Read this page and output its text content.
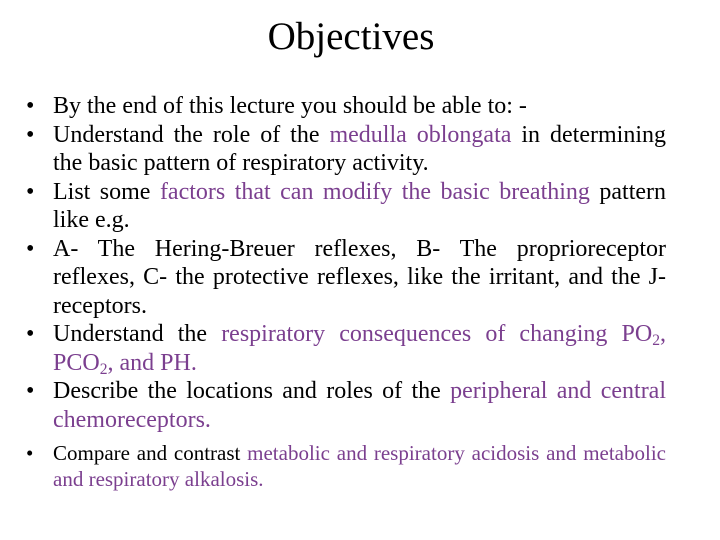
Objectives
• By the end of this lecture you should be able to: -
• Understand the role of the medulla oblongata in determining the basic pattern of respiratory activity.
• List some factors that can modify the basic breathing pattern like e.g.
• A- The Hering-Breuer reflexes, B- The proprioreceptor reflexes, C- the protective reflexes, like the irritant, and the J-receptors.
• Understand the respiratory consequences of changing $PO_2$, $PCO_2$, and PH.
• Describe the locations and roles of the peripheral and central chemoreceptors.
• Compare and contrast metabolic and respiratory acidosis and metabolic and respiratory alkalosis.
